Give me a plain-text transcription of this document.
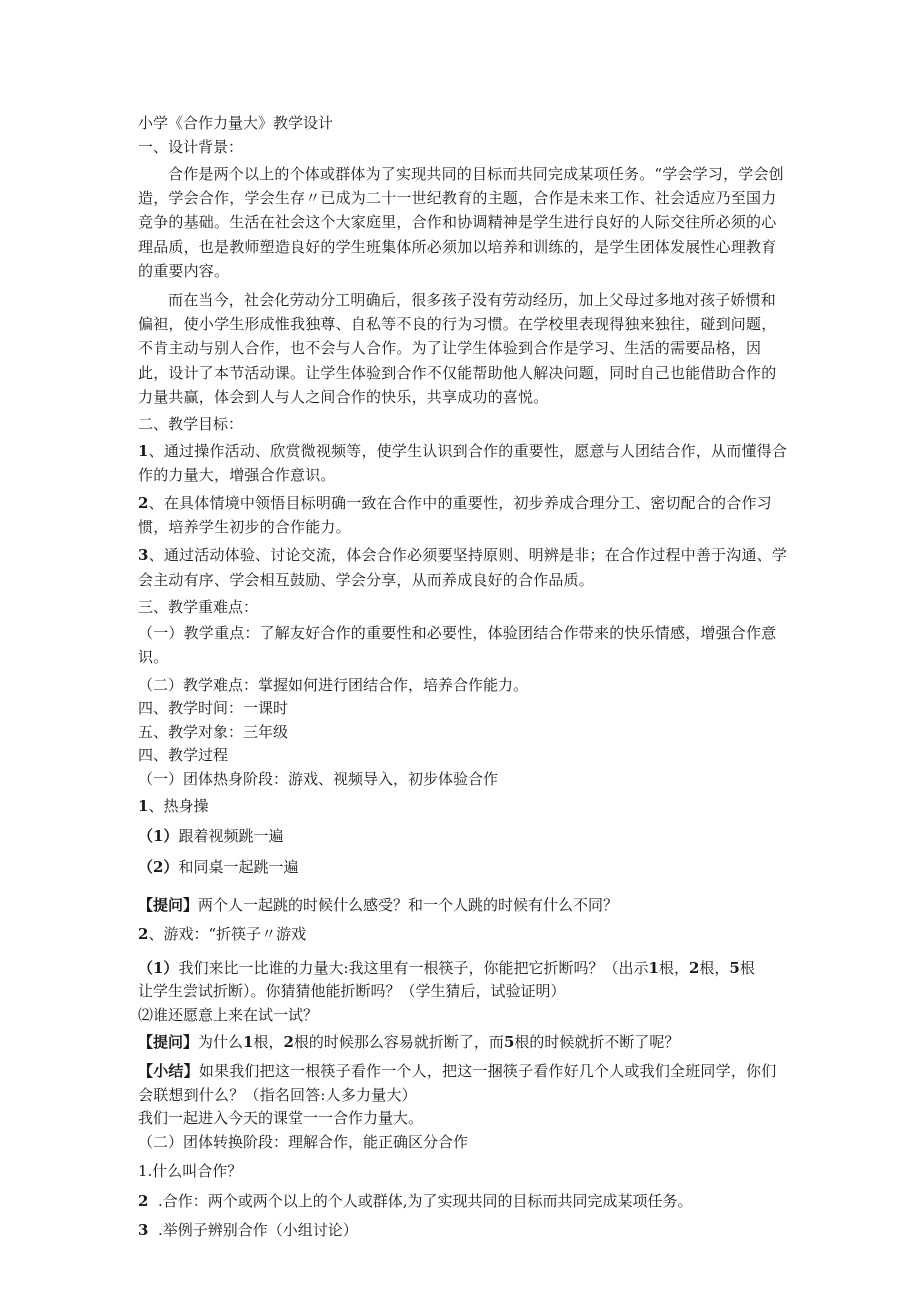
小学《合作力量大》教学设计

一、设计背景：

合作是两个以上的个体或群体为了实现共同的目标而共同完成某项任务。“学会学习，学会创造，学会合作，学会生存〃已成为二十一世纪教育的主题，合作是未来工作、社会适应乃至国力竞争的基础。生活在社会这个大家庭里，合作和协调精神是学生进行良好的人际交往所必须的心理品质，也是教师塑造良好的学生班集体所必须加以培养和训练的，是学生团体发展性心理教育的重要内容。

而在当今，社会化劳动分工明确后，很多孩子没有劳动经历，加上父母过多地对孩子娇惯和偏袒，使小学生形成惟我独尊、自私等不良的行为习惯。在学校里表现得独来独往，碰到问题，不肯主动与别人合作，也不会与人合作。为了让学生体验到合作是学习、生活的需要品格，因此，设计了本节活动课。让学生体验到合作不仅能帮助他人解决问题，同时自己也能借助合作的力量共赢，体会到人与人之间合作的快乐，共享成功的喜悦。

二、教学目标：

1、通过操作活动、欣赏微视频等，使学生认识到合作的重要性，愿意与人团结合作，从而懂得合作的力量大，增强合作意识。

2、在具体情境中领悟目标明确一致在合作中的重要性，初步养成合理分工、密切配合的合作习惯，培养学生初步的合作能力。

3、通过活动体验、讨论交流，体会合作必须要坚持原则、明辨是非；在合作过程中善于沟通、学会主动有序、学会相互鼓励、学会分享，从而养成良好的合作品质。

三、教学重难点：

（一）教学重点：了解友好合作的重要性和必要性，体验团结合作带来的快乐情感，增强合作意识。

（二）教学难点：掌握如何进行团结合作，培养合作能力。

四、教学时间：一课时

五、教学对象：三年级

四、教学过程

（一）团体热身阶段：游戏、视频导入，初步体验合作

1、热身操

（1）跟着视频跳一遍

（2）和同桌一起跳一遍

【提问】两个人一起跳的时候什么感受？和一个人跳的时候有什么不同？

2、游戏：“折筷子〃游戏

（1）我们来比一比谁的力量大:我这里有一根筷子，你能把它折断吗？（出示1根，2根，5根

让学生尝试折断）。你猜猜他能折断吗？（学生猜后，试验证明）

⑵谁还愿意上来在试一试？

【提问】为什么1根，2根的时候那么容易就折断了，而5根的时候就折不断了呢？

【小结】如果我们把这一根筷子看作一个人，把这一捆筷子看作好几个人或我们全班同学，你们会联想到什么？（指名回答:人多力量大）

我们一起进入今天的课堂一一合作力量大。

（二）团体转换阶段：理解合作，能正确区分合作

1.什么叫合作？

2  .合作：两个或两个以上的个人或群体,为了实现共同的目标而共同完成某项任务。

3  .举例子辨别合作（小组讨论）
